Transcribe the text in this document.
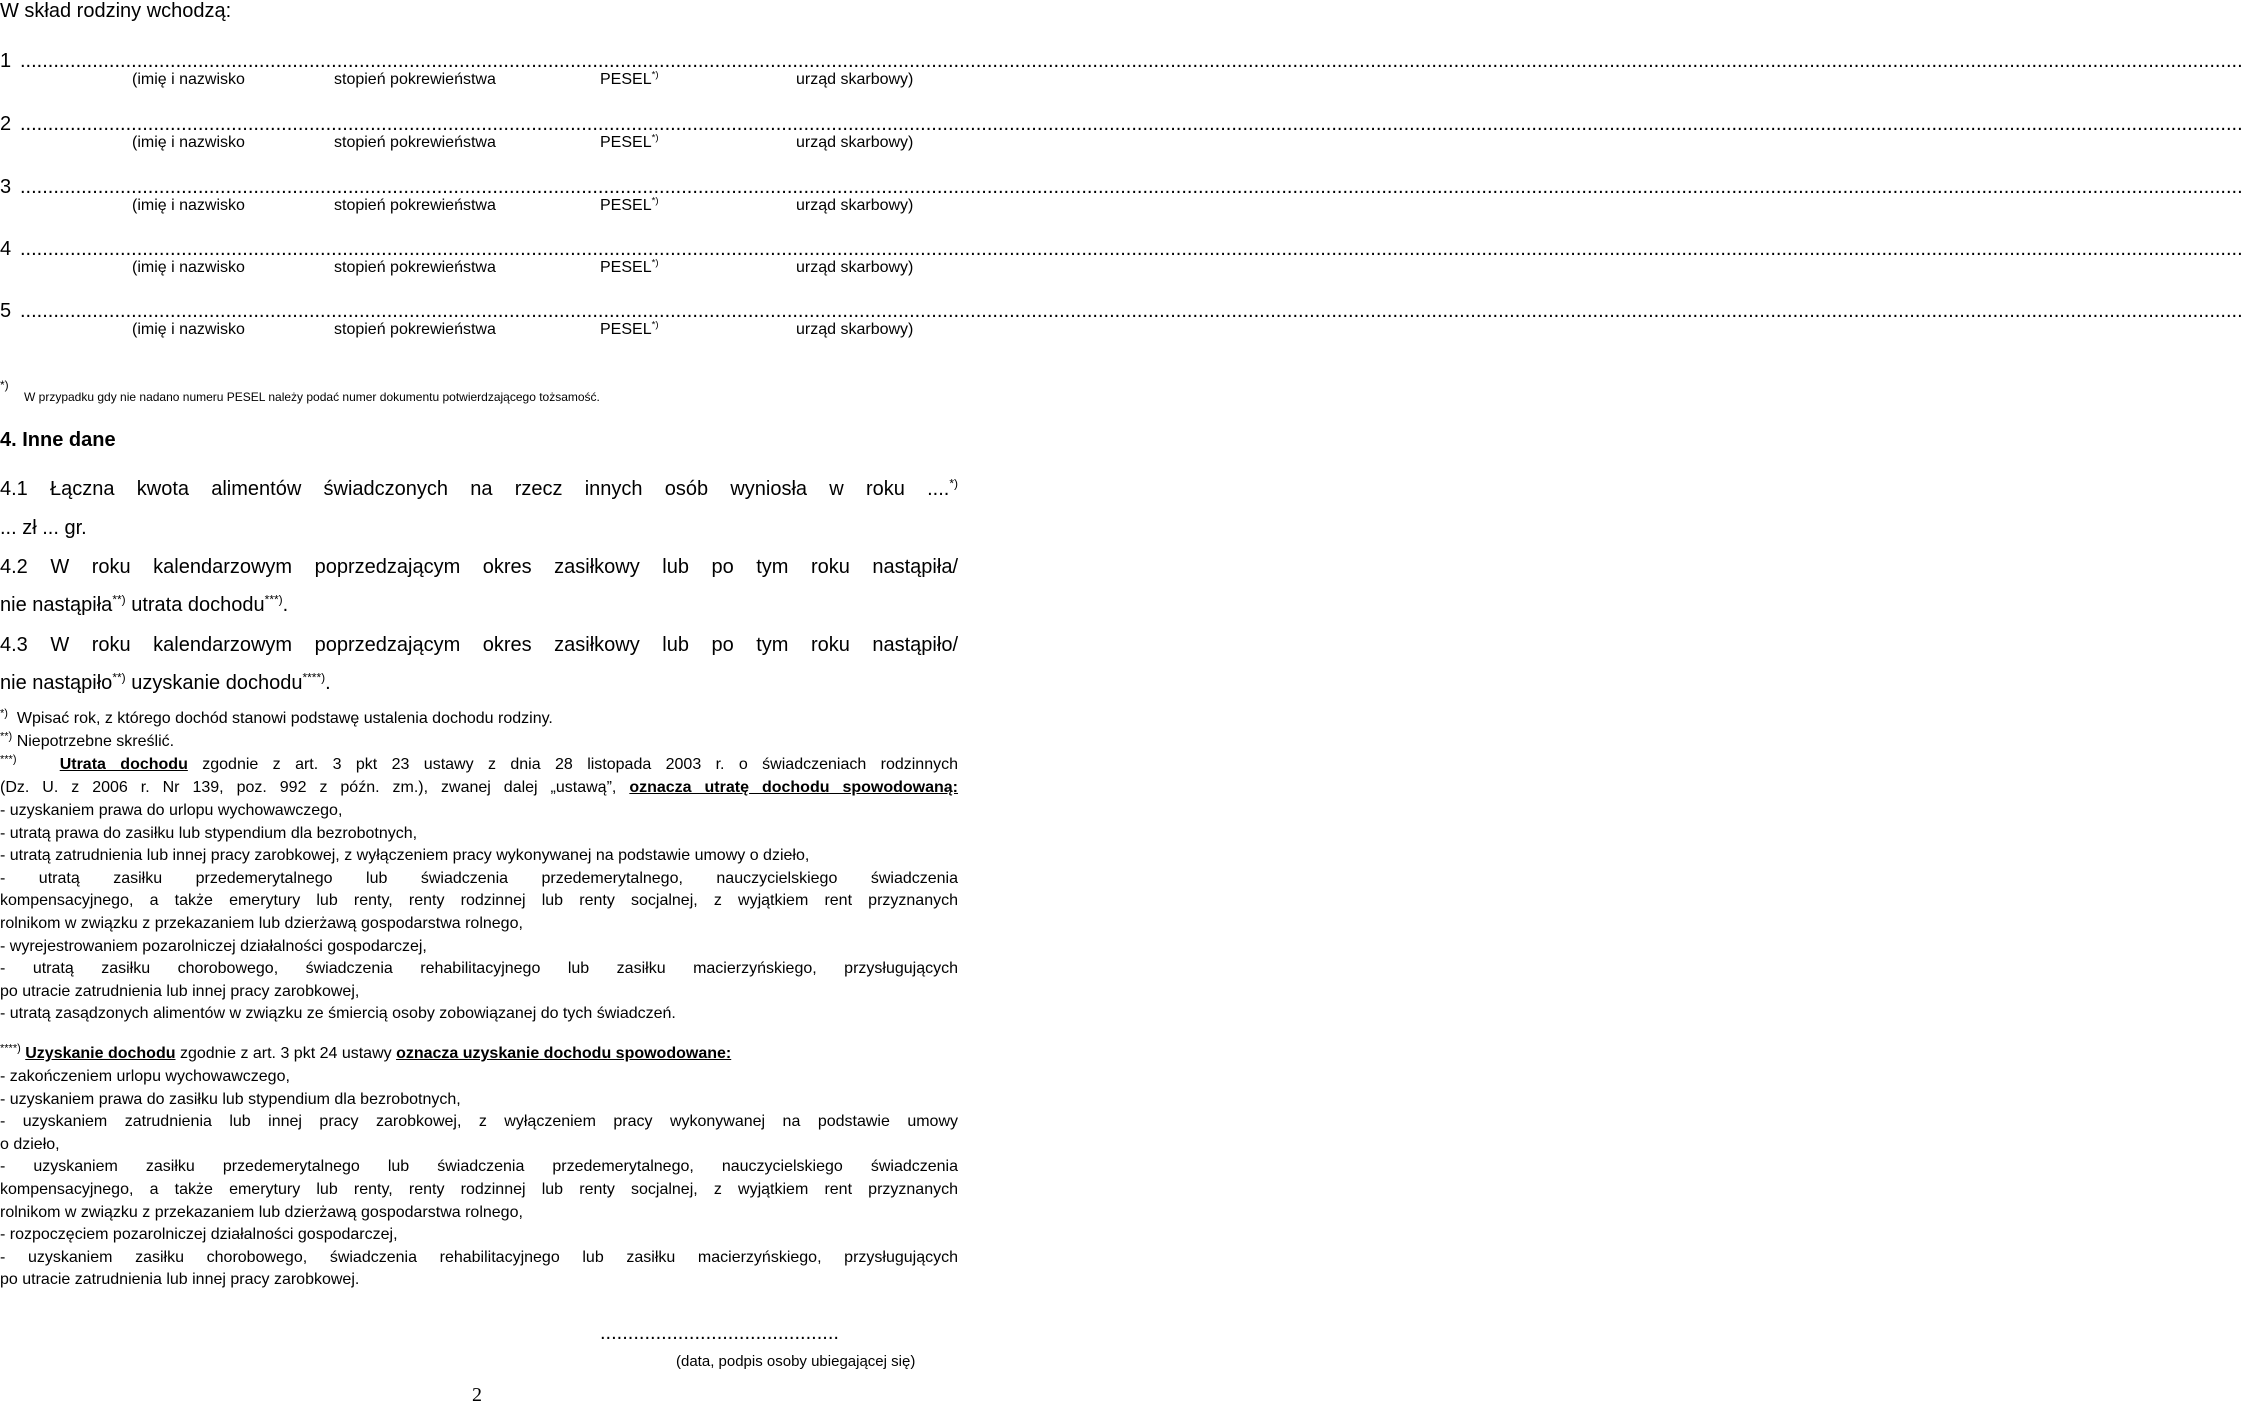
W skład rodziny wchodzą:
1 ................................................................................................................................................................................................................................................................................................................................................................................................................
(imię i nazwisko	stopień pokrewieństwa	PESEL*)	urząd skarbowy)
2 ................................................................................................................................................................................................................................................................................................................................................................................................................
(imię i nazwisko	stopień pokrewieństwa	PESEL*)	urząd skarbowy)
3 ................................................................................................................................................................................................................................................................................................................................................................................................................
(imię i nazwisko	stopień pokrewieństwa	PESEL*)	urząd skarbowy)
4 ................................................................................................................................................................................................................................................................................................................................................................................................................
(imię i nazwisko	stopień pokrewieństwa	PESEL*)	urząd skarbowy)
5 ................................................................................................................................................................................................................................................................................................................................................................................................................
(imię i nazwisko	stopień pokrewieństwa	PESEL*)	urząd skarbowy)
*)
W przypadku gdy nie nadano numeru PESEL należy podać numer dokumentu potwierdzającego tożsamość.
4. Inne dane
4.1 Łączna kwota alimentów świadczonych na rzecz innych osób wyniosła w roku ....*)
... zł ... gr.
4.2 W roku kalendarzowym poprzedzającym okres zasiłkowy lub po tym roku nastąpiła/
nie nastąpiła**) utrata dochodu***).
4.3 W roku kalendarzowym poprzedzającym okres zasiłkowy lub po tym roku nastąpiło/
nie nastąpiło**) uzyskanie dochodu****).
*) Wpisać rok, z którego dochód stanowi podstawę ustalenia dochodu rodziny.
**) Niepotrzebne skreślić.
***)	Utrata dochodu zgodnie z art. 3 pkt 23 ustawy z dnia 28 listopada 2003 r. o świadczeniach rodzinnych
(Dz. U. z 2006 r. Nr 139, poz. 992 z późn. zm.), zwanej dalej „ustawą”, oznacza utratę dochodu spowodowaną:
- uzyskaniem prawa do urlopu wychowawczego,
- utratą prawa do zasiłku lub stypendium dla bezrobotnych,
- utratą zatrudnienia lub innej pracy zarobkowej, z wyłączeniem pracy wykonywanej na podstawie umowy o dzieło,
- utratą zasiłku przedemerytalnego lub świadczenia przedemerytalnego, nauczycielskiego świadczenia
kompensacyjnego, a także emerytury lub renty, renty rodzinnej lub renty socjalnej, z wyjątkiem rent przyznanych
rolnikom w związku z przekazaniem lub dzierżawą gospodarstwa rolnego,
- wyrejestrowaniem pozarolniczej działalności gospodarczej,
- utratą zasiłku chorobowego, świadczenia rehabilitacyjnego lub zasiłku macierzyńskiego, przysługujących
po utracie zatrudnienia lub innej pracy zarobkowej,
- utratą zasądzonych alimentów w związku ze śmiercią osoby zobowiązanej do tych świadczeń.
****) Uzyskanie dochodu zgodnie z art. 3 pkt 24 ustawy oznacza uzyskanie dochodu spowodowane:
- zakończeniem urlopu wychowawczego,
- uzyskaniem prawa do zasiłku lub stypendium dla bezrobotnych,
- uzyskaniem zatrudnienia lub innej pracy zarobkowej, z wyłączeniem pracy wykonywanej na podstawie umowy
o dzieło,
- uzyskaniem zasiłku przedemerytalnego lub świadczenia przedemerytalnego, nauczycielskiego świadczenia
kompensacyjnego, a także emerytury lub renty, renty rodzinnej lub renty socjalnej, z wyjątkiem rent przyznanych
rolnikom w związku z przekazaniem lub dzierżawą gospodarstwa rolnego,
- rozpoczęciem pozarolniczej działalności gospodarczej,
- uzyskaniem zasiłku chorobowego, świadczenia rehabilitacyjnego lub zasiłku macierzyńskiego, przysługujących
po utracie zatrudnienia lub innej pracy zarobkowej.
...........................................
(data, podpis osoby ubiegającej się)
2
